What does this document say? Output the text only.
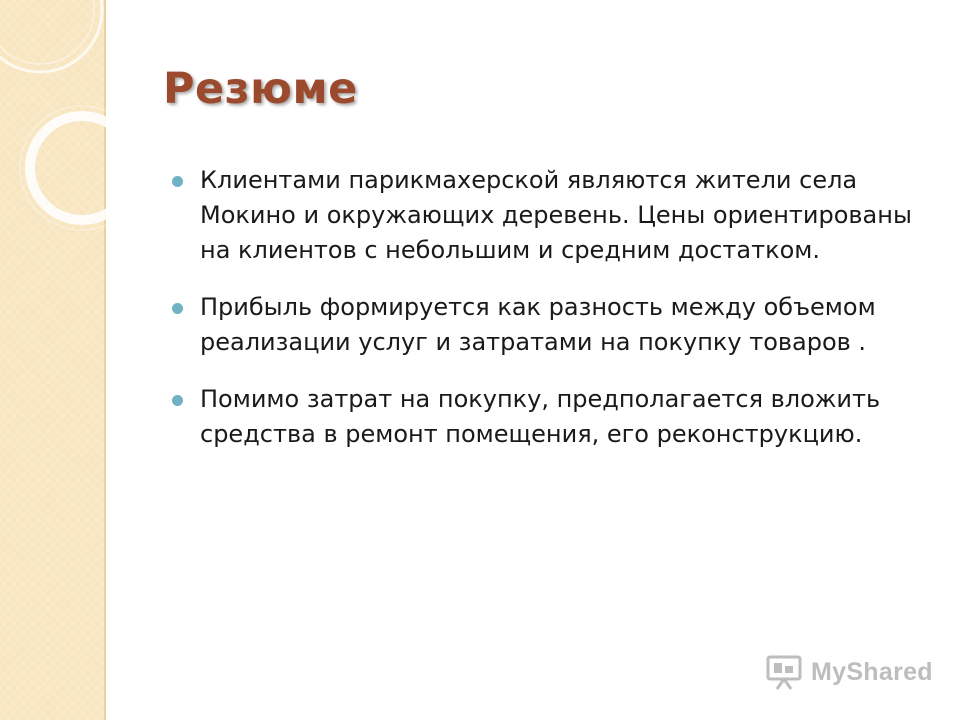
Резюме
Клиентами парикмахерской являются жители села Мокино и окружающих деревень. Цены ориентированы на клиентов с небольшим и средним достатком.
Прибыль формируется как разность между объемом реализации услуг и затратами на покупку товаров .
Помимо затрат на покупку, предполагается вложить средства в ремонт помещения, его реконструкцию.
MyShared
